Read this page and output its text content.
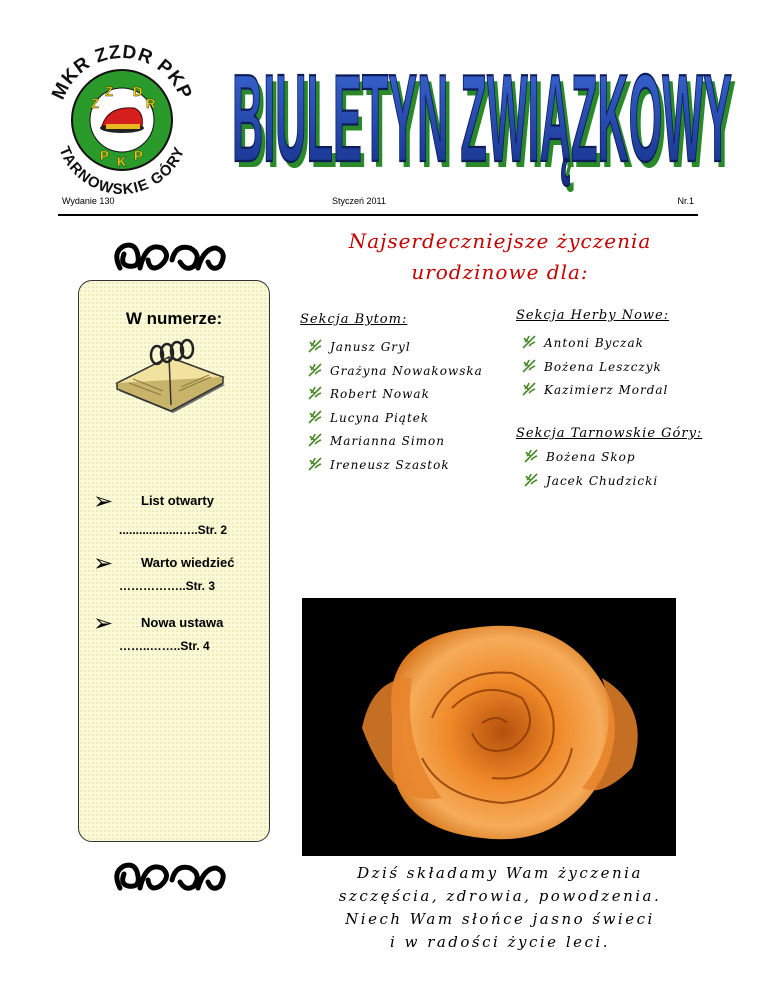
MKR ZZDR PKP
TARNOWSKIE GÓRY
Z
Z D
R
P K P BIULETYN ZWIĄZKOWY
BIULETYN ZWIĄZKOWY
Wydanie 130	Styczeń 2011	Nr.1
W numerze:
➢ List otwarty
..................…..Str. 2
➢ Warto wiedzieć
……………..Str. 3
➢ Nowa ustawa
……..……..Str. 4
Najserdeczniejsze życzenia
urodzinowe dla:
Sekcja Bytom:
Janusz Gryl
Grażyna Nowakowska
Robert Nowak
Lucyna Piątek
Marianna Simon
Ireneusz Szastok
Sekcja Herby Nowe:
Antoni Byczak
Bożena Leszczyk
Kazimierz Mordal
Sekcja Tarnowskie Góry:
Bożena Skop
Jacek Chudzicki
Dziś składamy Wam życzenia
szczęścia, zdrowia, powodzenia.
Niech Wam słońce jasno świeci
i w radości życie leci.
